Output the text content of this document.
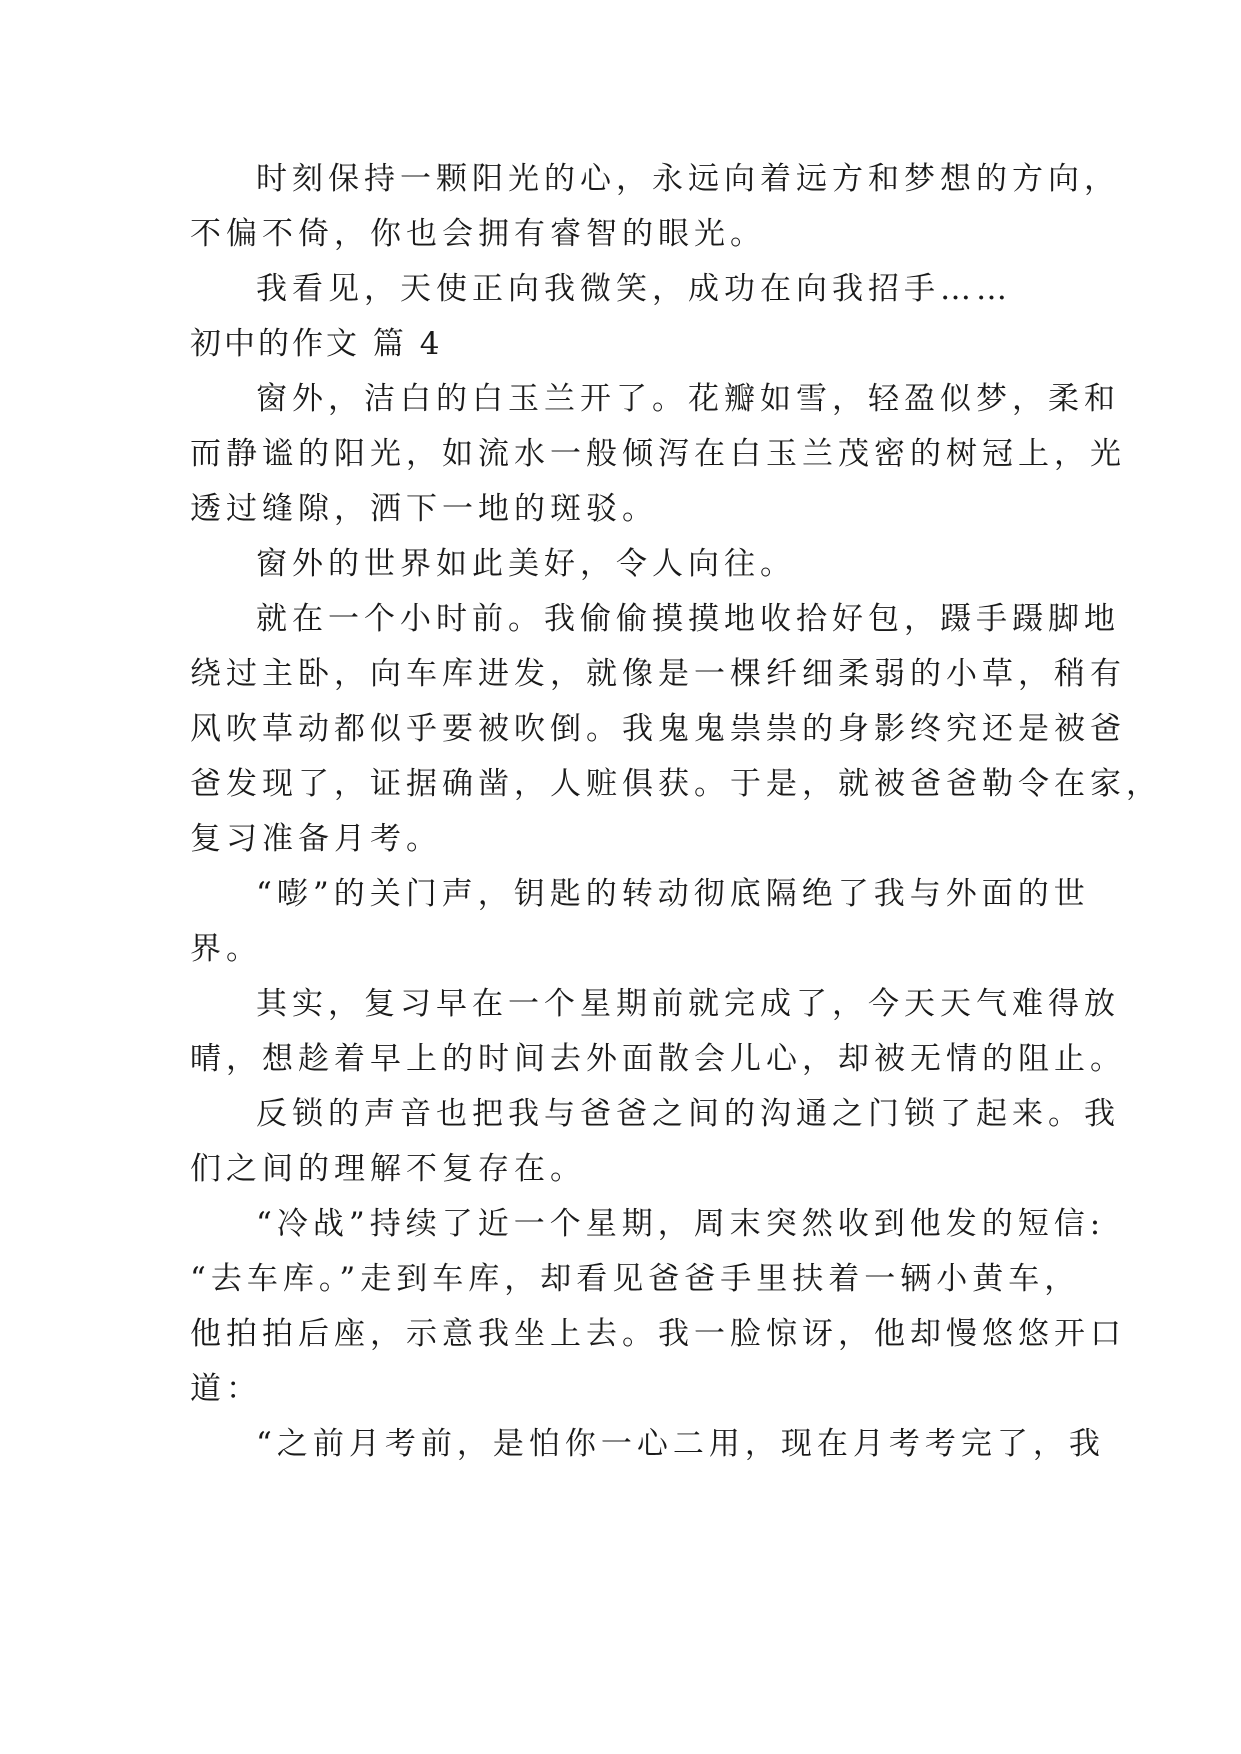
时刻保持一颗阳光的心，永远向着远方和梦想的方向，
不偏不倚，你也会拥有睿智的眼光。
我看见，天使正向我微笑，成功在向我招手……
初中的作文 篇 4
窗外，洁白的白玉兰开了。花瓣如雪，轻盈似梦，柔和
而静谧的阳光，如流水一般倾泻在白玉兰茂密的树冠上，光
透过缝隙，洒下一地的斑驳。
窗外的世界如此美好，令人向往。
就在一个小时前。我偷偷摸摸地收拾好包，蹑手蹑脚地
绕过主卧，向车库进发，就像是一棵纤细柔弱的小草，稍有
风吹草动都似乎要被吹倒。我鬼鬼祟祟的身影终究还是被爸
爸发现了，证据确凿，人赃俱获。于是，就被爸爸勒令在家，
复习准备月考。
“嘭”的关门声，钥匙的转动彻底隔绝了我与外面的世
界。
其实，复习早在一个星期前就完成了，今天天气难得放
晴，想趁着早上的时间去外面散会儿心，却被无情的阻止。
反锁的声音也把我与爸爸之间的沟通之门锁了起来。我
们之间的理解不复存在。
“冷战”持续了近一个星期，周末突然收到他发的短信:
“去车库。”走到车库，却看见爸爸手里扶着一辆小黄车，
他拍拍后座，示意我坐上去。我一脸惊讶，他却慢悠悠开口
道：
“之前月考前，是怕你一心二用，现在月考考完了，我
